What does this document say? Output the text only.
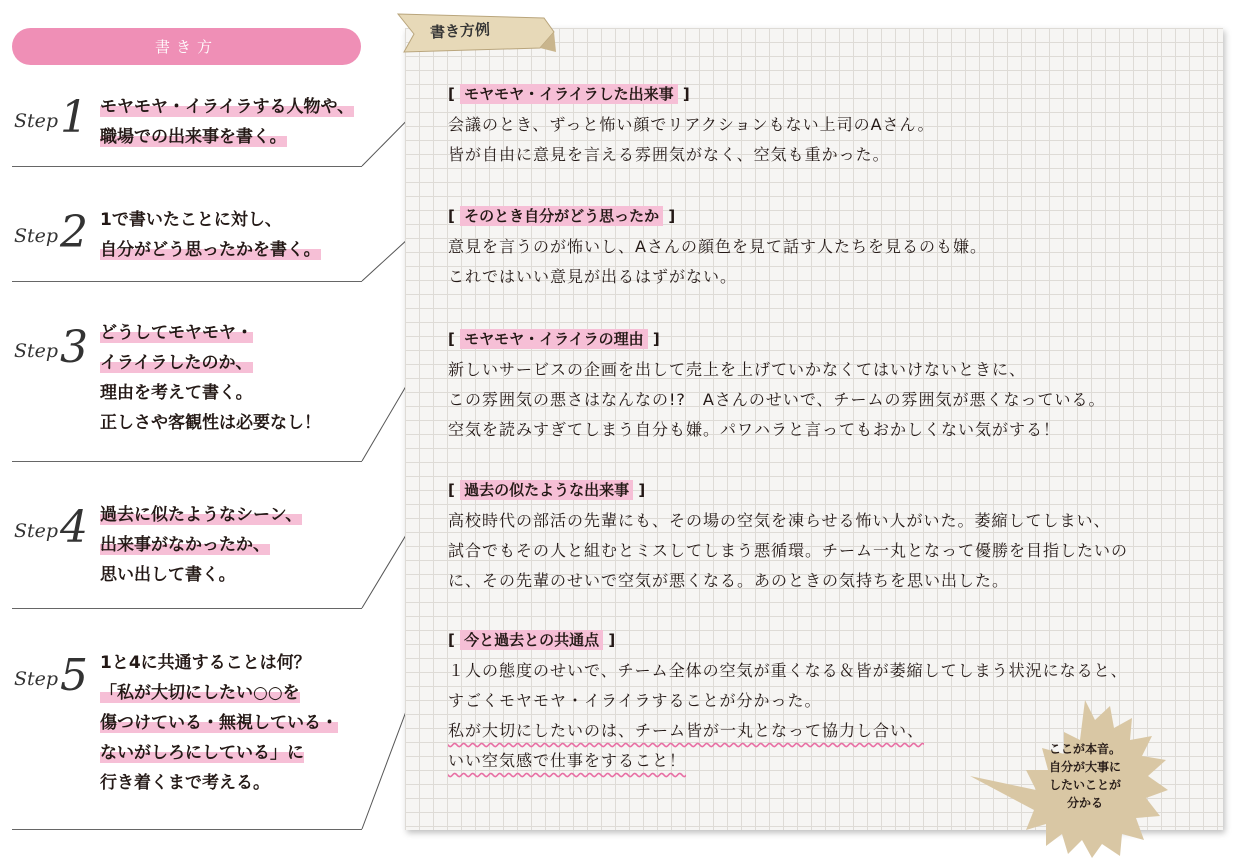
書き方
Step 1 モヤモヤ・イライラする人物や、
職場での出来事を書く。
Step 2 1で書いたことに対し、
自分がどう思ったかを書く。
Step 3 どうしてモヤモヤ・
イライラしたのか、
理由を考えて書く。
正しさや客観性は必要なし！
Step 4 過去に似たようなシーン、
出来事がなかったか、
思い出して書く。
Step 5 1と4に共通することは何？
「私が大切にしたい○○を
傷つけている・無視している・
ないがしろにしている」に
行き着くまで考える。
書き方例
[ モヤモヤ・イライラした出来事 ]
会議のとき、ずっと怖い顔でリアクションもない上司のAさん。
皆が自由に意見を言える雰囲気がなく、空気も重かった。
[ そのとき自分がどう思ったか ]
意見を言うのが怖いし、Aさんの顔色を見て話す人たちを見るのも嫌。
これではいい意見が出るはずがない。
[ モヤモヤ・イライラの理由 ]
新しいサービスの企画を出して売上を上げていかなくてはいけないときに、
この雰囲気の悪さはなんなの!?　Aさんのせいで、チームの雰囲気が悪くなっている。
空気を読みすぎてしまう自分も嫌。パワハラと言ってもおかしくない気がする！
[ 過去の似たような出来事 ]
高校時代の部活の先輩にも、その場の空気を凍らせる怖い人がいた。萎縮してしまい、
試合でもその人と組むとミスしてしまう悪循環。チーム一丸となって優勝を目指したいの
に、その先輩のせいで空気が悪くなる。あのときの気持ちを思い出した。
[ 今と過去との共通点 ]
１人の態度のせいで、チーム全体の空気が重くなる＆皆が萎縮してしまう状況になると、
すごくモヤモヤ・イライラすることが分かった。
私が大切にしたいのは、チーム皆が一丸となって協力し合い、
いい空気感で仕事をすること！
ここが本音。
自分が大事に
したいことが
分かる
